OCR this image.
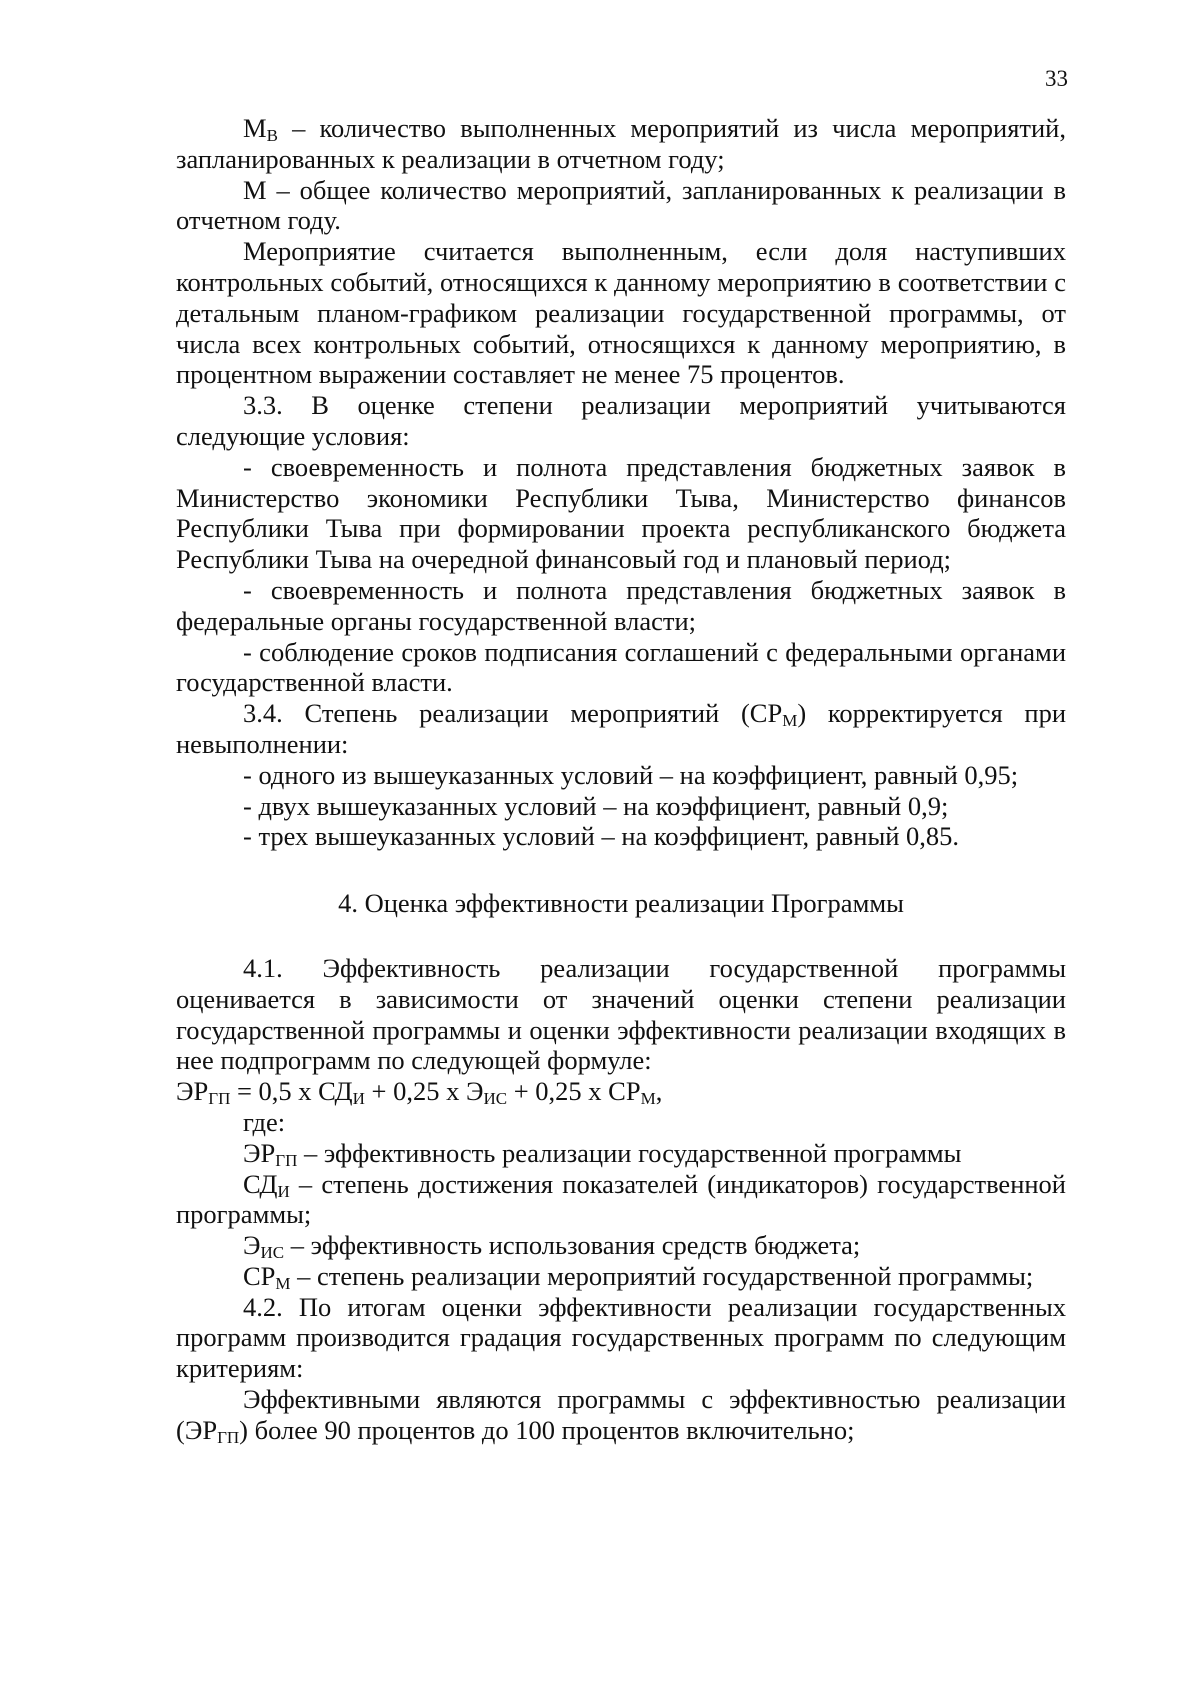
33

$М_В$ – количество выполненных мероприятий из числа мероприятий, запланированных к реализации в отчетном году;

М – общее количество мероприятий, запланированных к реализации в отчетном году.

Мероприятие считается выполненным, если доля наступивших контрольных событий, относящихся к данному мероприятию в соответствии с детальным планом-графиком реализации государственной программы, от числа всех контрольных событий, относящихся к данному мероприятию, в процентном выражении составляет не менее 75 процентов.

3.3. В оценке степени реализации мероприятий учитываются следующие условия:

- своевременность и полнота представления бюджетных заявок в Министерство экономики Республики Тыва, Министерство финансов Республики Тыва при формировании проекта республиканского бюджета Республики Тыва на очередной финансовый год и плановый период;

- своевременность и полнота представления бюджетных заявок в федеральные органы государственной власти;

- соблюдение сроков подписания соглашений с федеральными органами государственной власти.

3.4. Степень реализации мероприятий $(СР_М)$ корректируется при невыполнении:

- одного из вышеуказанных условий – на коэффициент, равный 0,95;

- двух вышеуказанных условий – на коэффициент, равный 0,9;

- трех вышеуказанных условий – на коэффициент, равный 0,85.

4. Оценка эффективности реализации Программы

4.1. Эффективность реализации государственной программы оценивается в зависимости от значений оценки степени реализации государственной программы и оценки эффективности реализации входящих в нее подпрограмм по следующей формуле:

$ЭР_{ГП} = 0,5$ х $СД_И + 0,25$ х $Э_{ИС} + 0,25$ х $СР_М$,

где:

$ЭР_{ГП}$ – эффективность реализации государственной программы

$СД_И$ – степень достижения показателей (индикаторов) государственной программы;

$Э_{ИС}$ – эффективность использования средств бюджета;

$СР_М$ – степень реализации мероприятий государственной программы;

4.2. По итогам оценки эффективности реализации государственных программ производится градация государственных программ по следующим критериям:

Эффективными являются программы с эффективностью реализации $(ЭР_{ГП})$ более 90 процентов до 100 процентов включительно;
